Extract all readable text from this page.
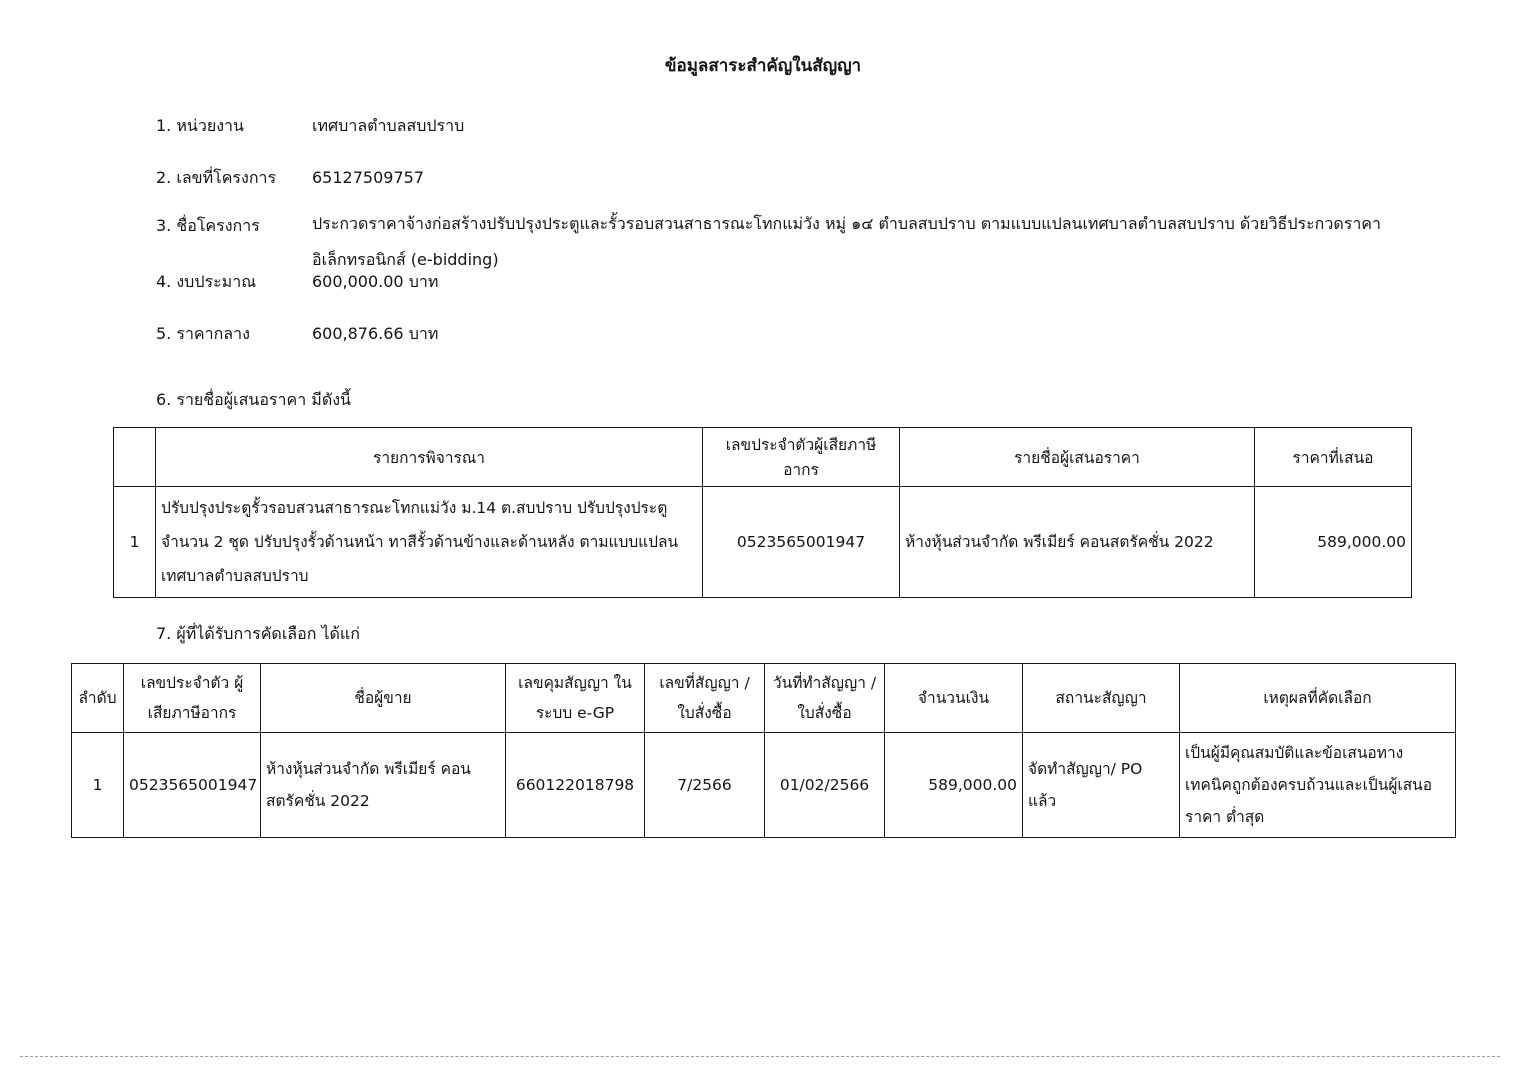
ข้อมูลสาระสำคัญในสัญญา
1. หน่วยงาน	เทศบาลตำบลสบปราบ
2. เลขที่โครงการ	65127509757
3. ชื่อโครงการ	ประกวดราคาจ้างก่อสร้างปรับปรุงประตูและรั้วรอบสวนสาธารณะโทกแม่วัง หมู่ ๑๔ ตำบลสบปราบ ตามแบบแปลนเทศบาลตำบลสบปราบ ด้วยวิธีประกวดราคาอิเล็กทรอนิกส์ (e-bidding)
4. งบประมาณ	600,000.00 บาท
5. ราคากลาง	600,876.66 บาท
6. รายชื่อผู้เสนอราคา มีดังนี้
	รายการพิจารณา	เลขประจำตัวผู้เสียภาษีอากร	รายชื่อผู้เสนอราคา	ราคาที่เสนอ
1	ปรับปรุงประตูรั้วรอบสวนสาธารณะโทกแม่วัง ม.14 ต.สบปราบ ปรับปรุงประตู จำนวน 2 ชุด ปรับปรุงรั้วด้านหน้า ทาสีรั้วด้านข้างและด้านหลัง ตามแบบแปลนเทศบาลตำบลสบปราบ	0523565001947	ห้างหุ้นส่วนจำกัด พรีเมียร์ คอนสตรัคชั่น 2022	589,000.00
7. ผู้ที่ได้รับการคัดเลือก ได้แก่
ลำดับ	เลขประจำตัว ผู้เสียภาษีอากร	ชื่อผู้ขาย	เลขคุมสัญญา ในระบบ e-GP	เลขที่สัญญา / ใบสั่งซื้อ	วันที่ทำสัญญา / ใบสั่งซื้อ	จำนวนเงิน	สถานะสัญญา	เหตุผลที่คัดเลือก
1	0523565001947	ห้างหุ้นส่วนจำกัด พรีเมียร์ คอนสตรัคชั่น 2022	660122018798	7/2566	01/02/2566	589,000.00	จัดทำสัญญา/ PO แล้ว	เป็นผู้มีคุณสมบัติและข้อเสนอทางเทคนิคถูกต้องครบถ้วนและเป็นผู้เสนอราคา ต่ำสุด
